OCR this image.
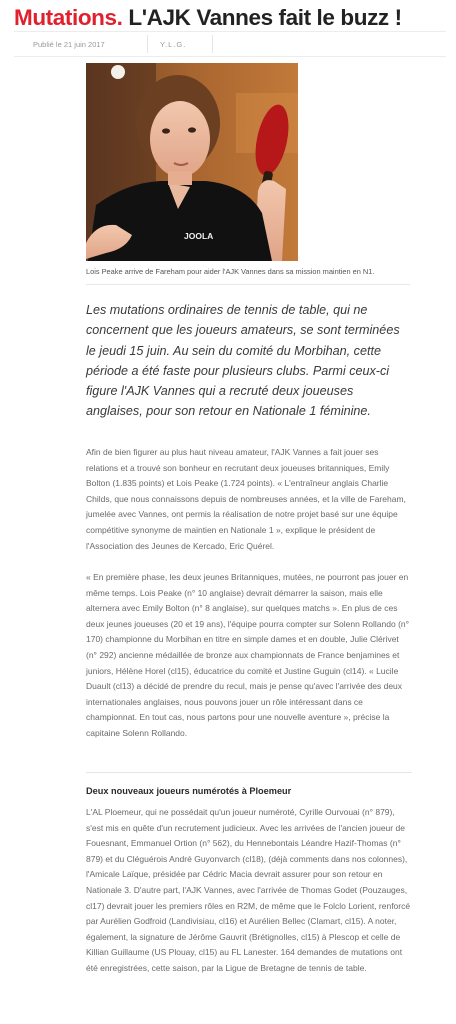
Mutations. L'AJK Vannes fait le buzz !
Publié le 21 juin 2017	Y.L.G.
JOOLA

Lois Peake arrive de Fareham pour aider l'AJK Vannes dans sa mission maintien en N1.

Les mutations ordinaires de tennis de table, qui ne concernent que les joueurs amateurs, se sont terminées le jeudi 15 juin. Au sein du comité du Morbihan, cette période a été faste pour plusieurs clubs. Parmi ceux-ci figure l'AJK Vannes qui a recruté deux joueuses anglaises, pour son retour en Nationale 1 féminine.

Afin de bien figurer au plus haut niveau amateur, l'AJK Vannes a fait jouer ses relations et a trouvé son bonheur en recrutant deux joueuses britanniques, Emily Bolton (1.835 points) et Lois Peake (1.724 points). « L'entraîneur anglais Charlie Childs, que nous connaissons depuis de nombreuses années, et la ville de Fareham, jumelée avec Vannes, ont permis la réalisation de notre projet basé sur une équipe compétitive synonyme de maintien en Nationale 1 », explique le président de l'Association des Jeunes de Kercado, Eric Quérel.

« En première phase, les deux jeunes Britanniques, mutées, ne pourront pas jouer en même temps. Lois Peake (n° 10 anglaise) devrait démarrer la saison, mais elle alternera avec Emily Bolton (n° 8 anglaise), sur quelques matchs ». En plus de ces deux jeunes joueuses (20 et 19 ans), l'équipe pourra compter sur Solenn Rollando (n° 170) championne du Morbihan en titre en simple dames et en double, Julie Clérivet (n° 292) ancienne médaillée de bronze aux championnats de France benjamines et juniors, Hélène Horel (cl15), éducatrice du comité et Justine Guguin (cl14). « Lucile Duault (cl13) a décidé de prendre du recul, mais je pense qu'avec l'arrivée des deux internationales anglaises, nous pouvons jouer un rôle intéressant dans ce championnat. En tout cas, nous partons pour une nouvelle aventure », précise la capitaine Solenn Rollando.

Deux nouveaux joueurs numérotés à Ploemeur

L'AL Ploemeur, qui ne possédait qu'un joueur numéroté, Cyrille Ourvouai (n° 879), s'est mis en quête d'un recrutement judicieux. Avec les arrivées de l'ancien joueur de Fouesnant, Emmanuel Ortion (n° 562), du Hennebontais Léandre Hazif-Thomas (n° 879) et du Cléguérois André Guyonvarch (cl18), (déjà comments dans nos colonnes), l'Amicale Laïque, présidée par Cédric Macia devrait assurer pour son retour en Nationale 3. D'autre part, l'AJK Vannes, avec l'arrivée de Thomas Godet (Pouzauges, cl17) devrait jouer les premiers rôles en R2M, de même que le Folclo Lorient, renforcé par Aurélien Godfroid (Landivisiau, cl16) et Aurélien Bellec (Clamart, cl15). A noter, également, la signature de Jérôme Gauvrit (Brétignolles, cl15) à Plescop et celle de Killian Guillaume (US Plouay, cl15) au FL Lanester. 164 demandes de mutations ont été enregistrées, cette saison, par la Ligue de Bretagne de tennis de table.
